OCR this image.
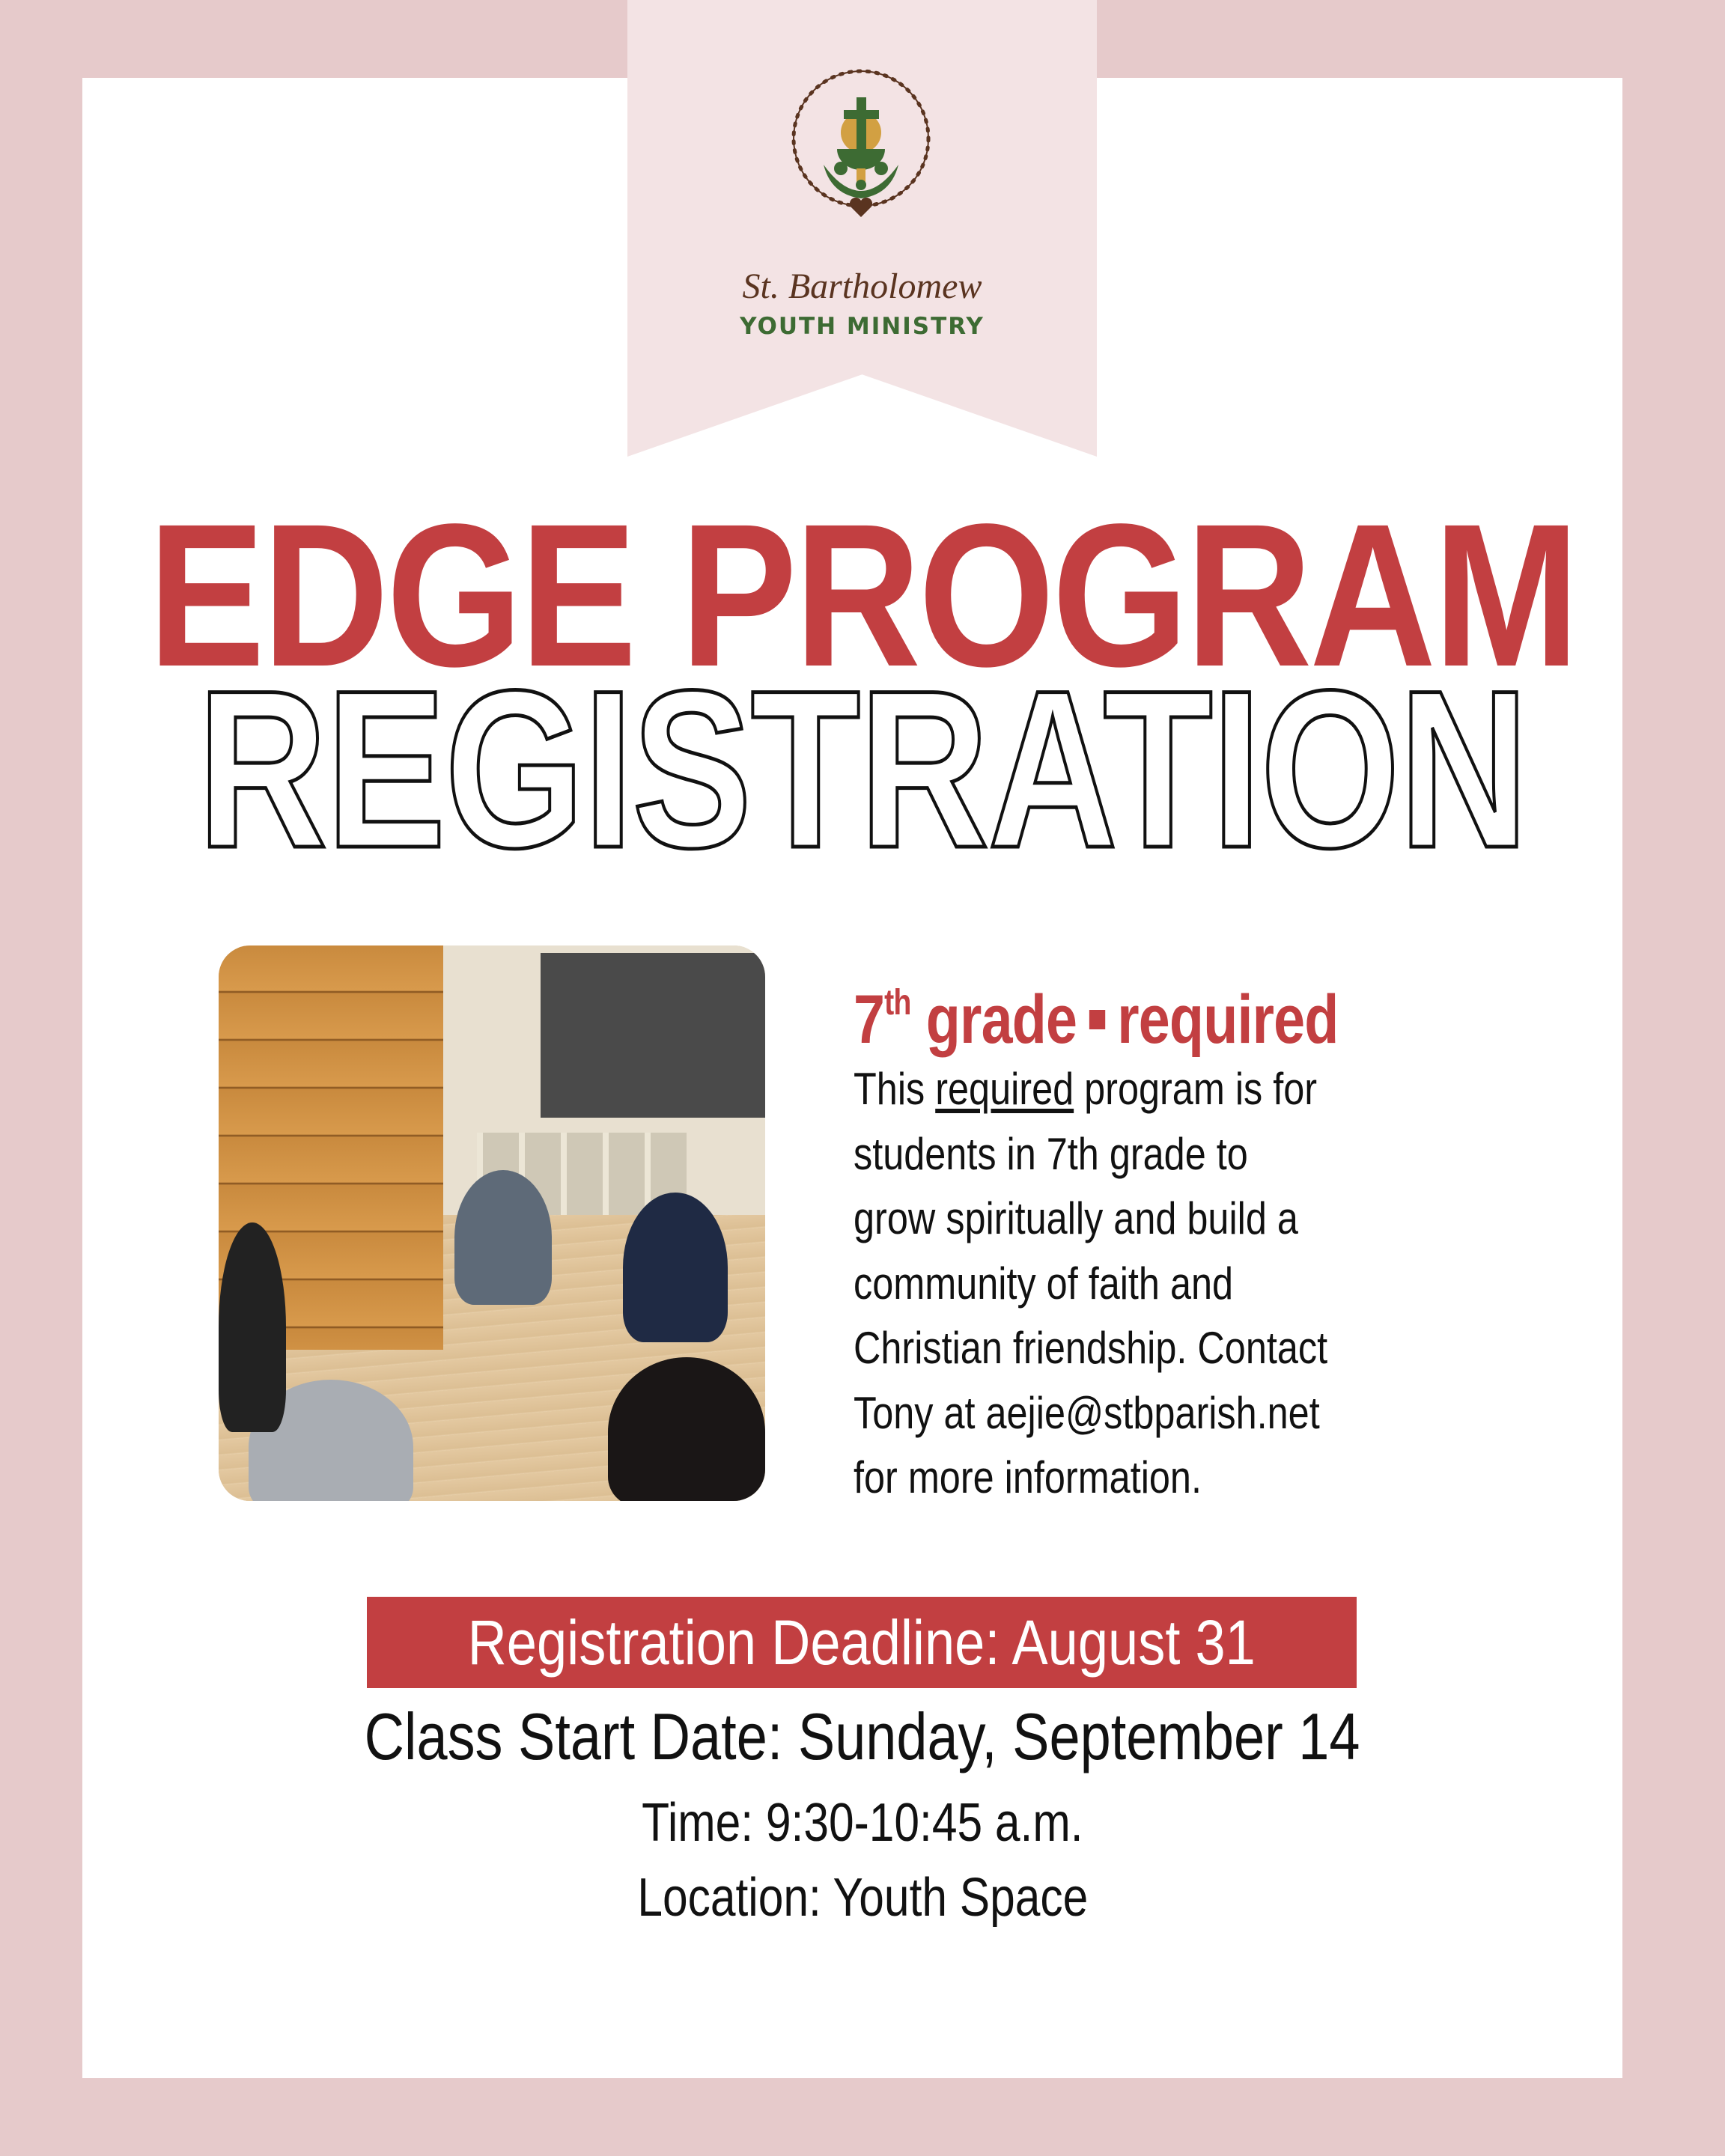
St. Bartholomew
YOUTH MINISTRY
EDGE PROGRAM
REGISTRATION
7th grade required
This required program is for
students in 7th grade to
grow spiritually and build a
community of faith and
Christian friendship. Contact
Tony at aejie@stbparish.net
for more information.
Registration Deadline: August 31
Class Start Date: Sunday, September 14
Time: 9:30-10:45 a.m.
Location: Youth Space
